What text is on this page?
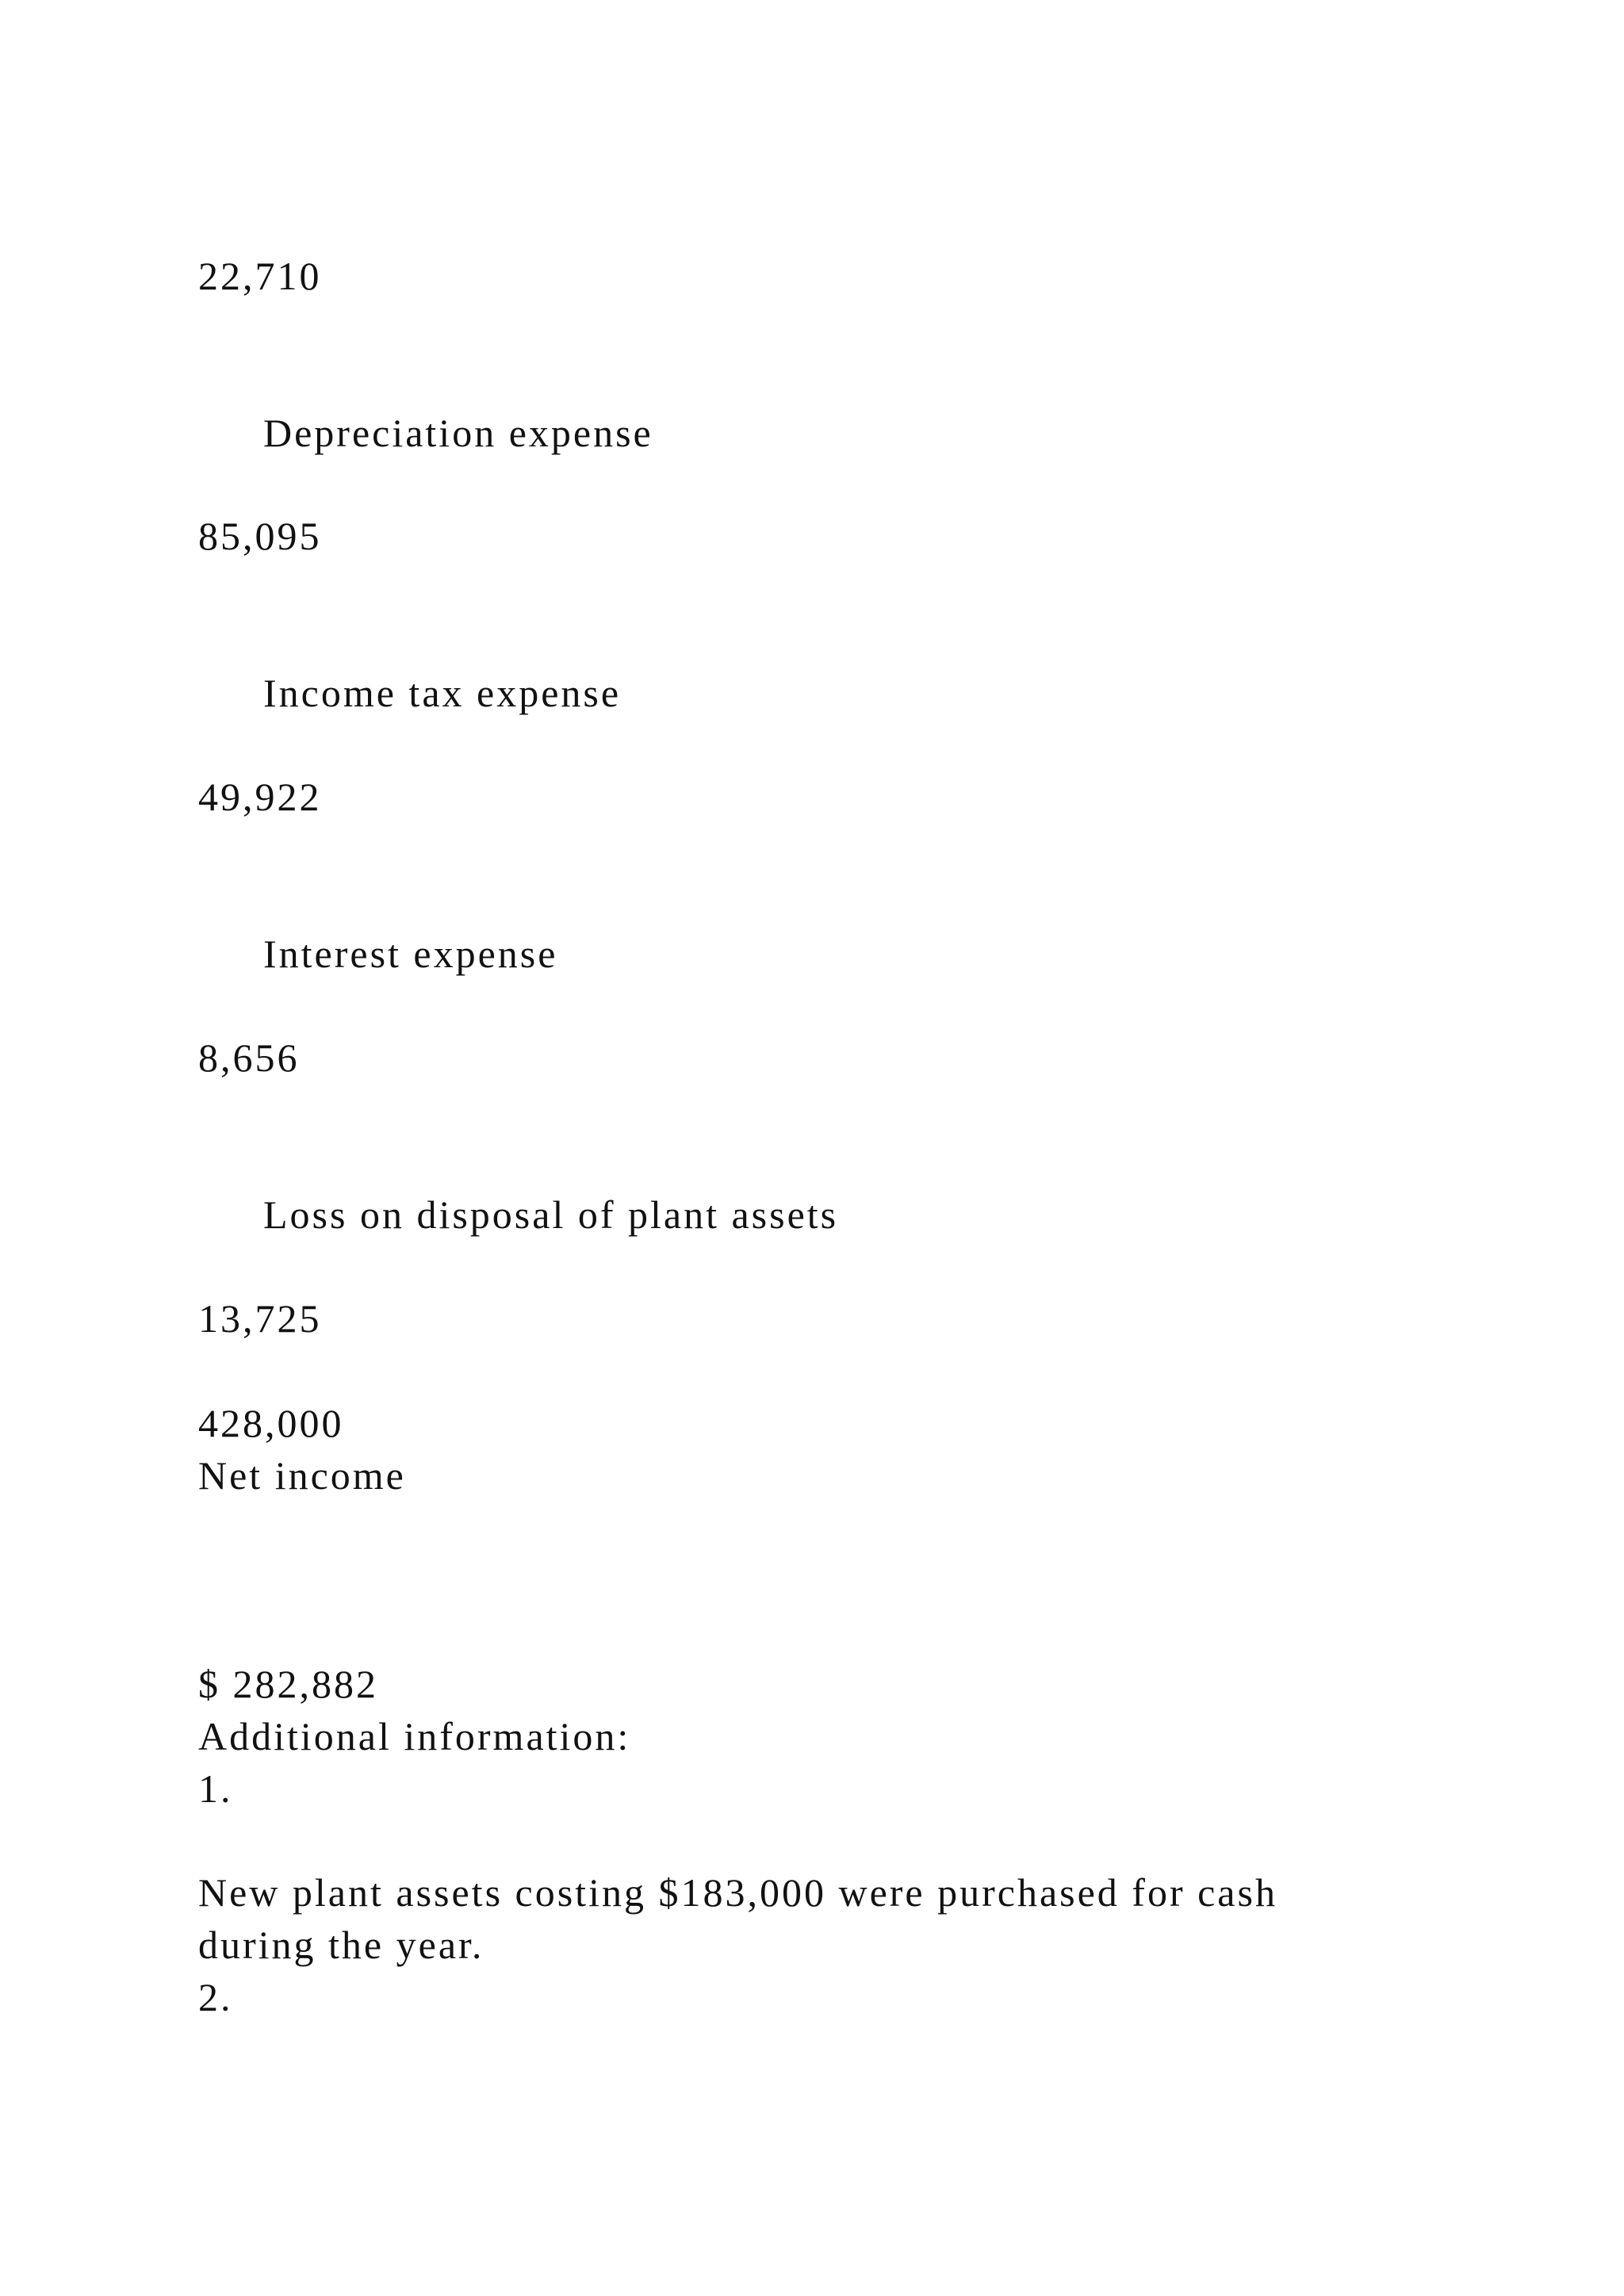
22,710

Depreciation expense

85,095

Income tax expense

49,922

Interest expense

8,656

Loss on disposal of plant assets

13,725

428,000

Net income

$ 282,882

Additional information:

1.

New plant assets costing $183,000 were purchased for cash

during the year.

2.
